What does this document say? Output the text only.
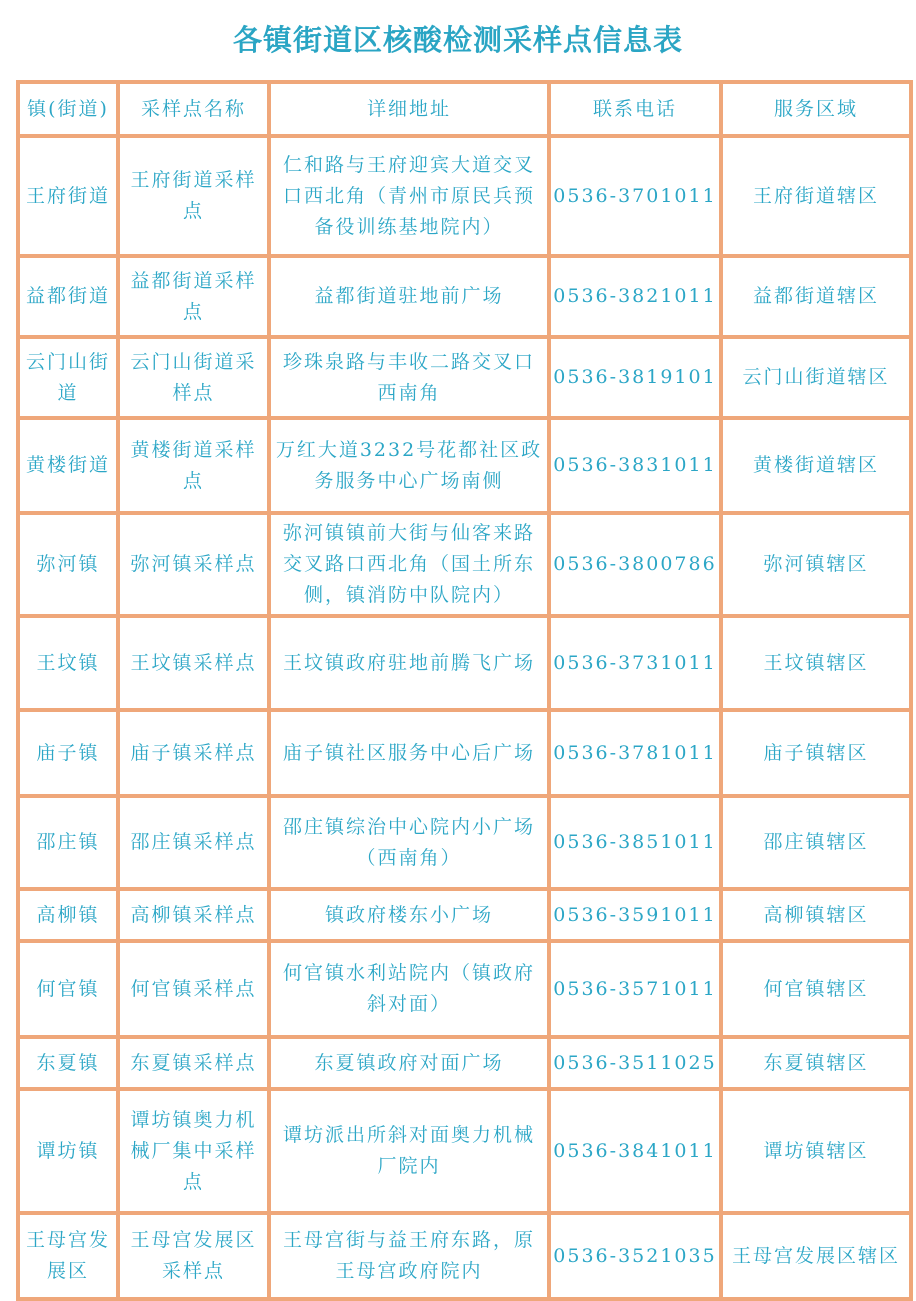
各镇街道区核酸检测采样点信息表
镇(街道)	采样点名称	详细地址	联系电话	服务区域
王府街道	王府街道采样点	仁和路与王府迎宾大道交叉口西北角（青州市原民兵预备役训练基地院内）	0536-3701011	王府街道辖区
益都街道	益都街道采样点	益都街道驻地前广场	0536-3821011	益都街道辖区
云门山街道	云门山街道采样点	珍珠泉路与丰收二路交叉口西南角	0536-3819101	云门山街道辖区
黄楼街道	黄楼街道采样点	万红大道3232号花都社区政务服务中心广场南侧	0536-3831011	黄楼街道辖区
弥河镇	弥河镇采样点	弥河镇镇前大街与仙客来路交叉路口西北角（国土所东侧，镇消防中队院内）	0536-3800786	弥河镇辖区
王坟镇	王坟镇采样点	王坟镇政府驻地前腾飞广场	0536-3731011	王坟镇辖区
庙子镇	庙子镇采样点	庙子镇社区服务中心后广场	0536-3781011	庙子镇辖区
邵庄镇	邵庄镇采样点	邵庄镇综治中心院内小广场（西南角）	0536-3851011	邵庄镇辖区
高柳镇	高柳镇采样点	镇政府楼东小广场	0536-3591011	高柳镇辖区
何官镇	何官镇采样点	何官镇水利站院内（镇政府斜对面）	0536-3571011	何官镇辖区
东夏镇	东夏镇采样点	东夏镇政府对面广场	0536-3511025	东夏镇辖区
谭坊镇	谭坊镇奥力机械厂集中采样点	谭坊派出所斜对面奥力机械厂院内	0536-3841011	谭坊镇辖区
王母宫发展区	王母宫发展区采样点	王母宫街与益王府东路，原王母宫政府院内	0536-3521035	王母宫发展区辖区
